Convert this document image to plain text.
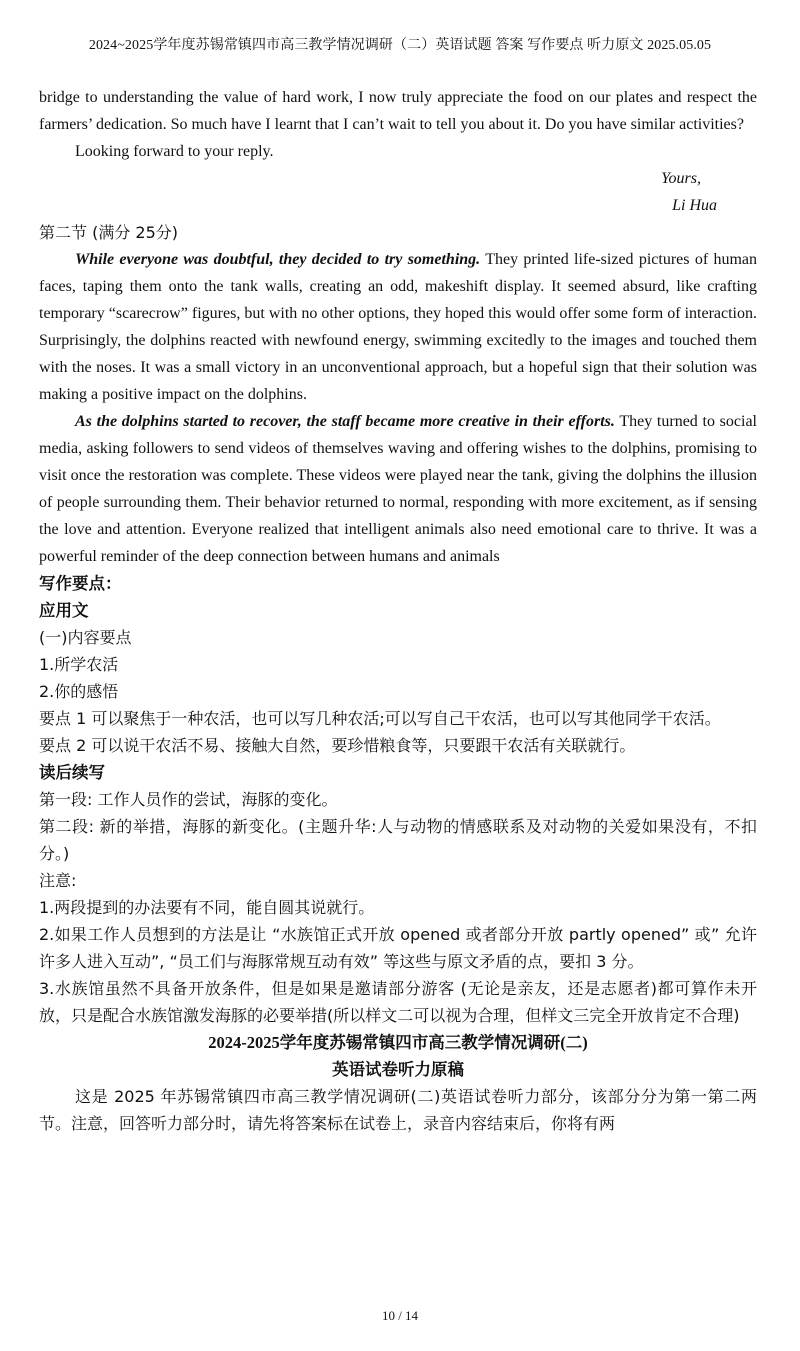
2024~2025学年度苏锡常镇四市高三教学情况调研（二）英语试题 答案 写作要点 听力原文 2025.05.05

bridge to understanding the value of hard work, I now truly appreciate the food on our plates and respect the farmers’ dedication. So much have I learnt that I can’t wait to tell you about it. Do you have similar activities?

Looking forward to your reply.

Yours,

Li Hua

第二节 (满分 25分)

While everyone was doubtful, they decided to try something. They printed life-sized pictures of human faces, taping them onto the tank walls, creating an odd, makeshift display. It seemed absurd, like crafting temporary “scarecrow” figures, but with no other options, they hoped this would offer some form of interaction. Surprisingly, the dolphins reacted with newfound energy, swimming excitedly to the images and touched them with the noses. It was a small victory in an unconventional approach, but a hopeful sign that their solution was making a positive impact on the dolphins.

As the dolphins started to recover, the staff became more creative in their efforts. They turned to social media, asking followers to send videos of themselves waving and offering wishes to the dolphins, promising to visit once the restoration was complete. These videos were played near the tank, giving the dolphins the illusion of people surrounding them. Their behavior returned to normal, responding with more excitement, as if sensing the love and attention. Everyone realized that intelligent animals also need emotional care to thrive. It was a powerful reminder of the deep connection between humans and animals

写作要点：

应用文

(一)内容要点

1.所学农活

2.你的感悟

要点 1 可以聚焦于一种农活，也可以写几种农活;可以写自己干农活，也可以写其他同学干农活。

要点 2 可以说干农活不易、接触大自然，要珍惜粮食等，只要跟干农活有关联就行。

读后续写

第一段: 工作人员作的尝试，海豚的变化。

第二段: 新的举措，海豚的新变化。(主题升华:人与动物的情感联系及对动物的关爱如果没有，不扣分。)

注意:

1.两段提到的办法要有不同，能自圆其说就行。

2.如果工作人员想到的方法是让 “水族馆正式开放 opened 或者部分开放 partly opened” 或” 允许许多人进入互动”, “员工们与海豚常规互动有效” 等这些与原文矛盾的点，要扣 3 分。

3.水族馆虽然不具备开放条件，但是如果是邀请部分游客 (无论是亲友，还是志愿者)都可算作未开放，只是配合水族馆激发海豚的必要举措(所以样文二可以视为合理，但样文三完全开放肯定不合理)

2024-2025学年度苏锡常镇四市高三教学情况调研(二)

英语试卷听力原稿

这是 2025 年苏锡常镇四市高三教学情况调研(二)英语试卷听力部分，该部分分为第一第二两节。注意，回答听力部分时，请先将答案标在试卷上，录音内容结束后，你将有两

10 / 14
